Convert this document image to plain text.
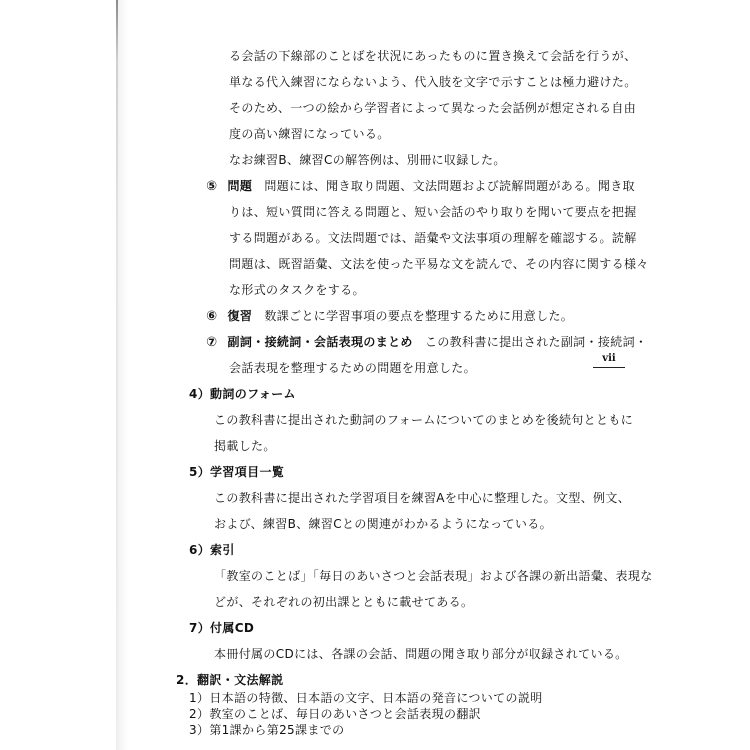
る会話の下線部のことばを状況にあったものに置き換えて会話を行うが、
単なる代入練習にならないよう、代入肢を文字で示すことは極力避けた。
そのため、一つの絵から学習者によって異なった会話例が想定される自由
度の高い練習になっている。
なお練習B、練習Cの解答例は、別冊に収録した。
⑤ 問題 問題には、聞き取り問題、文法問題および読解問題がある。聞き取
りは、短い質問に答える問題と、短い会話のやり取りを聞いて要点を把握
する問題がある。文法問題では、語彙や文法事項の理解を確認する。読解
問題は、既習語彙、文法を使った平易な文を読んで、その内容に関する様々
な形式のタスクをする。
⑥ 復習 数課ごとに学習事項の要点を整理するために用意した。
⑦ 副詞・接続詞・会話表現のまとめ この教科書に提出された副詞・接続詞・
会話表現を整理するための問題を用意した。
4）動詞のフォーム
この教科書に提出された動詞のフォームについてのまとめを後続句とともに
掲載した。
vii
5）学習項目一覧
この教科書に提出された学習項目を練習Aを中心に整理した。文型、例文、
および、練習B、練習Cとの関連がわかるようになっている。
6）索引
「教室のことば」「毎日のあいさつと会話表現」および各課の新出語彙、表現な
どが、それぞれの初出課とともに載せてある。
7）付属CD
本冊付属のCDには、各課の会話、問題の聞き取り部分が収録されている。
2．翻訳・文法解説
1）日本語の特徴、日本語の文字、日本語の発音についての説明
2）教室のことば、毎日のあいさつと会話表現の翻訳
3）第1課から第25課までの
